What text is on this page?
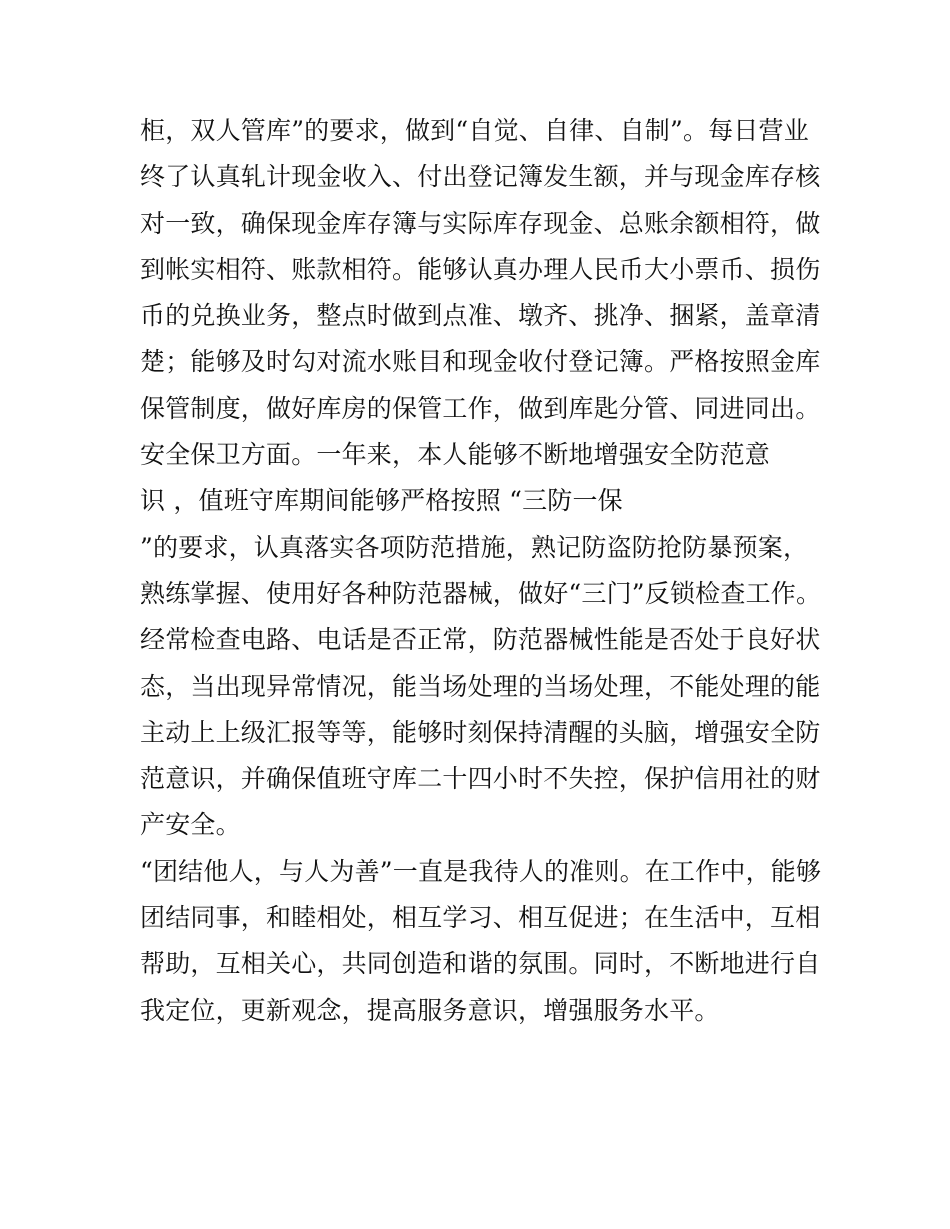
柜，双人管库”的要求，做到“自觉、自律、自制”。每日营业
终了认真轧计现金收入、付出登记簿发生额，并与现金库存核
对一致，确保现金库存簿与实际库存现金、总账余额相符，做
到帐实相符、账款相符。能够认真办理人民币大小票币、损伤
币的兑换业务，整点时做到点准、墩齐、挑净、捆紧，盖章清
楚；能够及时勾对流水账目和现金收付登记簿。严格按照金库
保管制度，做好库房的保管工作，做到库匙分管、同进同出。
安全保卫方面。一年来，本人能够不断地增强安全防范意
识 ，值班守库期间能够严格按照 “三防一保
”的要求，认真落实各项防范措施，熟记防盗防抢防暴预案，
熟练掌握、使用好各种防范器械，做好“三门”反锁检查工作。
经常检查电路、电话是否正常，防范器械性能是否处于良好状
态，当出现异常情况，能当场处理的当场处理，不能处理的能
主动上上级汇报等等，能够时刻保持清醒的头脑，增强安全防
范意识，并确保值班守库二十四小时不失控，保护信用社的财
产安全。
“团结他人，与人为善”一直是我待人的准则。在工作中，能够
团结同事，和睦相处，相互学习、相互促进；在生活中，互相
帮助，互相关心，共同创造和谐的氛围。同时，不断地进行自
我定位，更新观念，提高服务意识，增强服务水平。
